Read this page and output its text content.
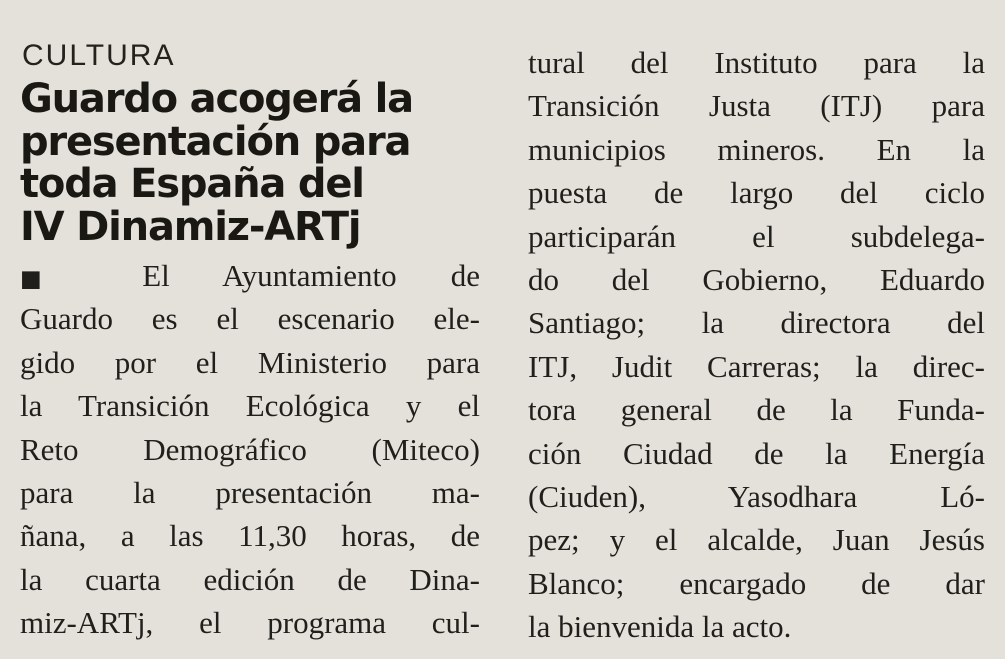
CULTURA
Guardo acogerá la
presentación para
toda España del
IV Dinamiz-ARTj
■ El Ayuntamiento de
Guardo es el escenario ele-
gido por el Ministerio para
la Transición Ecológica y el
Reto Demográfico (Miteco)
para la presentación ma-
ñana, a las 11,30 horas, de
la cuarta edición de Dina-
miz-ARTj, el programa cul-
tural del Instituto para la
Transición Justa (ITJ) para
municipios mineros. En la
puesta de largo del ciclo
participarán el subdelega-
do del Gobierno, Eduardo
Santiago; la directora del
ITJ, Judit Carreras; la direc-
tora general de la Funda-
ción Ciudad de la Energía
(Ciuden), Yasodhara Ló-
pez; y el alcalde, Juan Jesús
Blanco; encargado de dar
la bienvenida la acto.
